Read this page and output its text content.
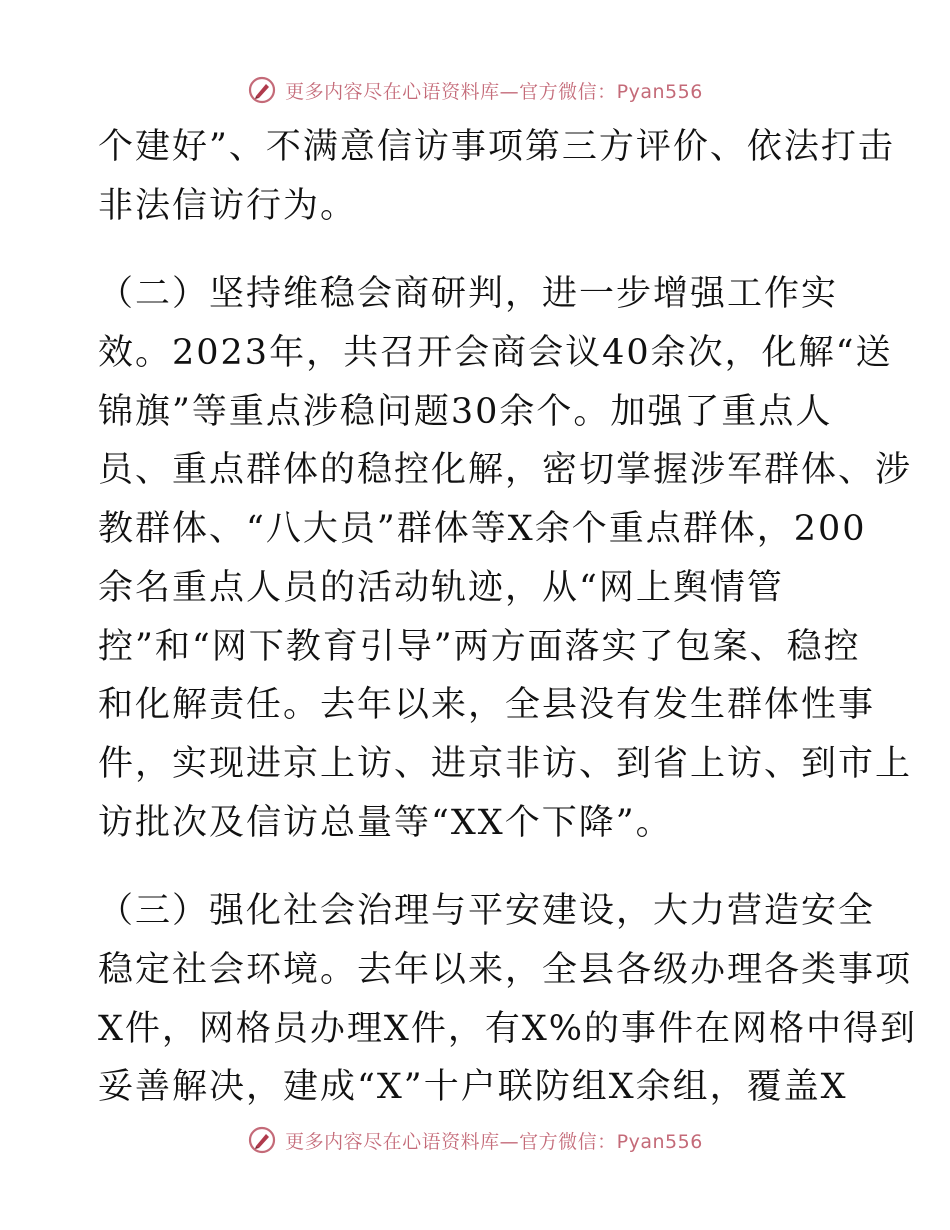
更多内容尽在心语资料库—官方微信：Pyan556
个建好”、不满意信访事项第三方评价、依法打击
非法信访行为。
（二）坚持维稳会商研判，进一步增强工作实
效。2023年，共召开会商会议40余次，化解“送
锦旗”等重点涉稳问题30余个。加强了重点人
员、重点群体的稳控化解，密切掌握涉军群体、涉
教群体、“八大员”群体等X余个重点群体，200
余名重点人员的活动轨迹，从“网上舆情管
控”和“网下教育引导”两方面落实了包案、稳控
和化解责任。去年以来，全县没有发生群体性事
件，实现进京上访、进京非访、到省上访、到市上
访批次及信访总量等“XX个下降”。
（三）强化社会治理与平安建设，大力营造安全
稳定社会环境。去年以来，全县各级办理各类事项
X件，网格员办理X件，有X%的事件在网格中得到
妥善解决，建成“X”十户联防组X余组，覆盖X
更多内容尽在心语资料库—官方微信：Pyan556
